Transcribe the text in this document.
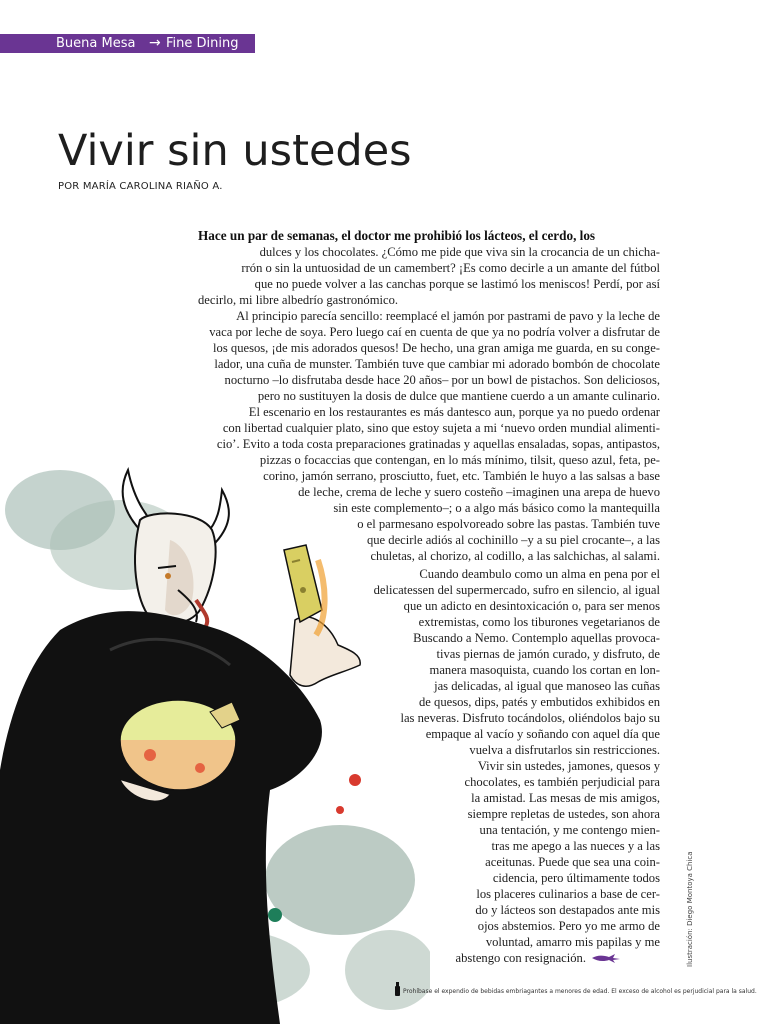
Buena Mesa → Fine Dining
Vivir sin ustedes
POR MARÍA CAROLINA RIAÑO A.
Hace un par de semanas, el doctor me prohibió los lácteos, el cerdo, los
dulces y los chocolates. ¿Cómo me pide que viva sin la crocancia de un chicha-
rrón o sin la untuosidad de un camembert? ¡Es como decirle a un amante del fútbol
que no puede volver a las canchas porque se lastimó los meniscos! Perdí, por así
decirlo, mi libre albedrío gastronómico.
Al principio parecía sencillo: reemplacé el jamón por pastrami de pavo y la leche de
vaca por leche de soya. Pero luego caí en cuenta de que ya no podría volver a disfrutar de
los quesos, ¡de mis adorados quesos! De hecho, una gran amiga me guarda, en su conge-
lador, una cuña de munster. También tuve que cambiar mi adorado bombón de chocolate
nocturno –lo disfrutaba desde hace 20 años– por un bowl de pistachos. Son deliciosos,
pero no sustituyen la dosis de dulce que mantiene cuerdo a un amante culinario.
El escenario en los restaurantes es más dantesco aun, porque ya no puedo ordenar
con libertad cualquier plato, sino que estoy sujeta a mi ‘nuevo orden mundial alimenti-
cio’. Evito a toda costa preparaciones gratinadas y aquellas ensaladas, sopas, antipastos,
pizzas o focaccias que contengan, en lo más mínimo, tilsit, queso azul, feta, pe-
corino, jamón serrano, prosciutto, fuet, etc. También le huyo a las salsas a base
de leche, crema de leche y suero costeño –imaginen una arepa de huevo
sin este complemento–; o a algo más básico como la mantequilla
o el parmesano espolvoreado sobre las pastas. También tuve
que decirle adiós al cochinillo –y a su piel crocante–, a las
chuletas, al chorizo, al codillo, a las salchichas, al salami.
Cuando deambulo como un alma en pena por el
delicatessen del supermercado, sufro en silencio, al igual
que un adicto en desintoxicación o, para ser menos
extremistas, como los tiburones vegetarianos de
Buscando a Nemo. Contemplo aquellas provoca-
tivas piernas de jamón curado, y disfruto, de
manera masoquista, cuando los cortan en lon-
jas delicadas, al igual que manoseo las cuñas
de quesos, dips, patés y embutidos exhibidos en
las neveras. Disfruto tocándolos, oliéndolos bajo su
empaque al vacío y soñando con aquel día que
vuelva a disfrutarlos sin restricciones.
Vivir sin ustedes, jamones, quesos y
chocolates, es también perjudicial para
la amistad. Las mesas de mis amigos,
siempre repletas de ustedes, son ahora
una tentación, y me contengo mien-
tras me apego a las nueces y a las
aceitunas. Puede que sea una coin-
cidencia, pero últimamente todos
los placeres culinarios a base de cer-
do y lácteos son destapados ante mis
ojos abstemios. Pero yo me armo de
voluntad, amarro mis papilas y me
abstengo con resignación.	Ilustración: Diego Montoya Chica
Prohíbase el expendio de bebidas embriagantes a menores de edad. El exceso de alcohol es perjudicial para la salud.
